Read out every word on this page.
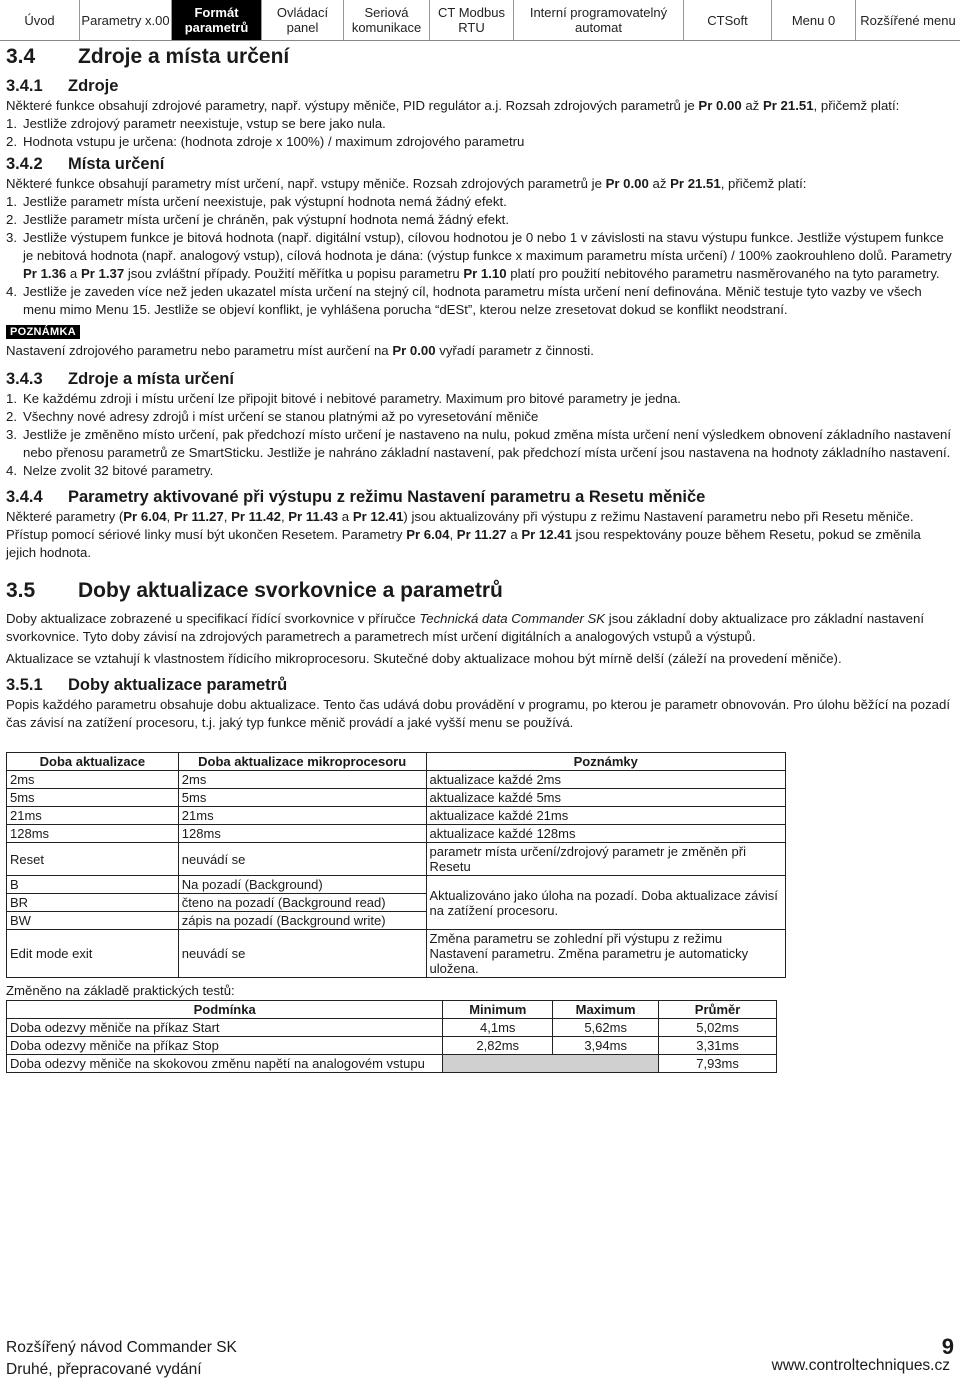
Úvod	Parametry x.00	Formát parametrů
Ovládací panel
Seriová komunikace
CT Modbus RTU
Interní programovatelný automat	CTSoft	Menu 0	Rozšířené menu
3.4 Zdroje a místa určení
3.4.1 Zdroje

Některé funkce obsahují zdrojové parametry, např. výstupy měniče, PID regulátor a.j. Rozsah zdrojových parametrů je Pr 0.00 až Pr 21.51, přičemž platí:

1. Jestliže zdrojový parametr neexistuje, vstup se bere jako nula.
2. Hodnota vstupu je určena: (hodnota zdroje x 100%) / maximum zdrojového parametru
3.4.2 Místa určení

Některé funkce obsahují parametry míst určení, např. vstupy měniče. Rozsah zdrojových parametrů je Pr 0.00 až Pr 21.51, přičemž platí:

1. Jestliže parametr místa určení neexistuje, pak výstupní hodnota nemá žádný efekt.
2. Jestliže parametr místa určení je chráněn, pak výstupní hodnota nemá žádný efekt.
3. Jestliže výstupem funkce je bitová hodnota (např. digitální vstup), cílovou hodnotou je 0 nebo 1 v závislosti na stavu výstupu funkce. Jestliže výstupem funkce je nebitová hodnota (např. analogový vstup), cílová hodnota je dána: (výstup funkce x maximum parametru místa určení) / 100% zaokrouhleno dolů. Parametry Pr 1.36 a Pr 1.37 jsou zvláštní případy. Použití měřítka u popisu parametru Pr 1.10 platí pro použití nebitového parametru nasměrovaného na tyto parametry.
4. Jestliže je zaveden více než jeden ukazatel místa určení na stejný cíl, hodnota parametru místa určení není definována. Měnič testuje tyto vazby ve všech menu mimo Menu 15. Jestliže se objeví konflikt, je vyhlášena porucha “dESt”, kterou nelze zresetovat dokud se konflikt neodstraní.
POZNÁMKA

Nastavení zdrojového parametru nebo parametru míst aurčení na Pr 0.00 vyřadí parametr z činnosti.

3.4.3 Zdroje a místa určení
1. Ke každému zdroji i místu určení lze připojit bitové i nebitové parametry. Maximum pro bitové parametry je jedna.
2. Všechny nové adresy zdrojů i míst určení se stanou platnými až po vyresetování měniče
3. Jestliže je změněno místo určení, pak předchozí místo určení je nastaveno na nulu, pokud změna místa určení není výsledkem obnovení základního nastavení nebo přenosu parametrů ze SmartSticku. Jestliže je nahráno základní nastavení, pak předchozí místa určení jsou nastavena na hodnoty základního nastavení.
4. Nelze zvolit 32 bitové parametry.
3.4.4 Parametry aktivované při výstupu z režimu Nastavení parametru a Resetu měniče

Některé parametry (Pr 6.04, Pr 11.27, Pr 11.42, Pr 11.43 a Pr 12.41) jsou aktualizovány při výstupu z režimu Nastavení parametru nebo při Resetu měniče. Přístup pomocí sériové linky musí být ukončen Resetem. Parametry Pr 6.04, Pr 11.27 a Pr 12.41 jsou respektovány pouze během Resetu, pokud se změnila jejich hodnota.

3.5 Doby aktualizace svorkovnice a parametrů

Doby aktualizace zobrazené u specifikací řídící svorkovnice v příručce Technická data Commander SK jsou základní doby aktualizace pro základní nastavení svorkovnice. Tyto doby závisí na zdrojových parametrech a parametrech míst určení digitálních a analogových vstupů a výstupů.

Aktualizace se vztahují k vlastnostem řídicího mikroprocesoru. Skutečné doby aktualizace mohou být mírně delší (záleží na provedení měniče).

3.5.1 Doby aktualizace parametrů

Popis každého parametru obsahuje dobu aktualizace. Tento čas udává dobu provádění v programu, po kterou je parametr obnovován. Pro úlohu běžící na pozadí čas závisí na zatížení procesoru, t.j. jaký typ funkce měnič provádí a jaké vyšší menu se používá.

Doba aktualizace	Doba aktualizace mikroprocesoru	Poznámky
2ms	2ms	aktualizace každé 2ms
5ms	5ms	aktualizace každé 5ms
21ms	21ms	aktualizace každé 21ms
128ms	128ms	aktualizace každé 128ms
Reset	neuvádí se	parametr místa určení/zdrojový parametr je změněn při Resetu
B	Na pozadí (Background)	Aktualizováno jako úloha na pozadí. Doba aktualizace závisí na zatížení procesoru.
BR	čteno na pozadí (Background read)	
BW	zápis na pozadí (Background write)	
Edit mode exit	neuvádí se	Změna parametru se zohlední při výstupu z režimu Nastavení parametru. Změna parametru je automaticky uložena.

Změněno na základě praktických testů:

Podmínka	Minimum	Maximum	Průměr
Doba odezvy měniče na příkaz Start	4,1ms	5,62ms	5,02ms
Doba odezvy měniče na příkaz Stop	2,82ms	3,94ms	3,31ms
Doba odezvy měniče na skokovou změnu napětí na analogovém vstupu			7,93ms
Rozšířený návod Commander SK
Druhé, přepracované vydání
9
www.controltechniques.cz
